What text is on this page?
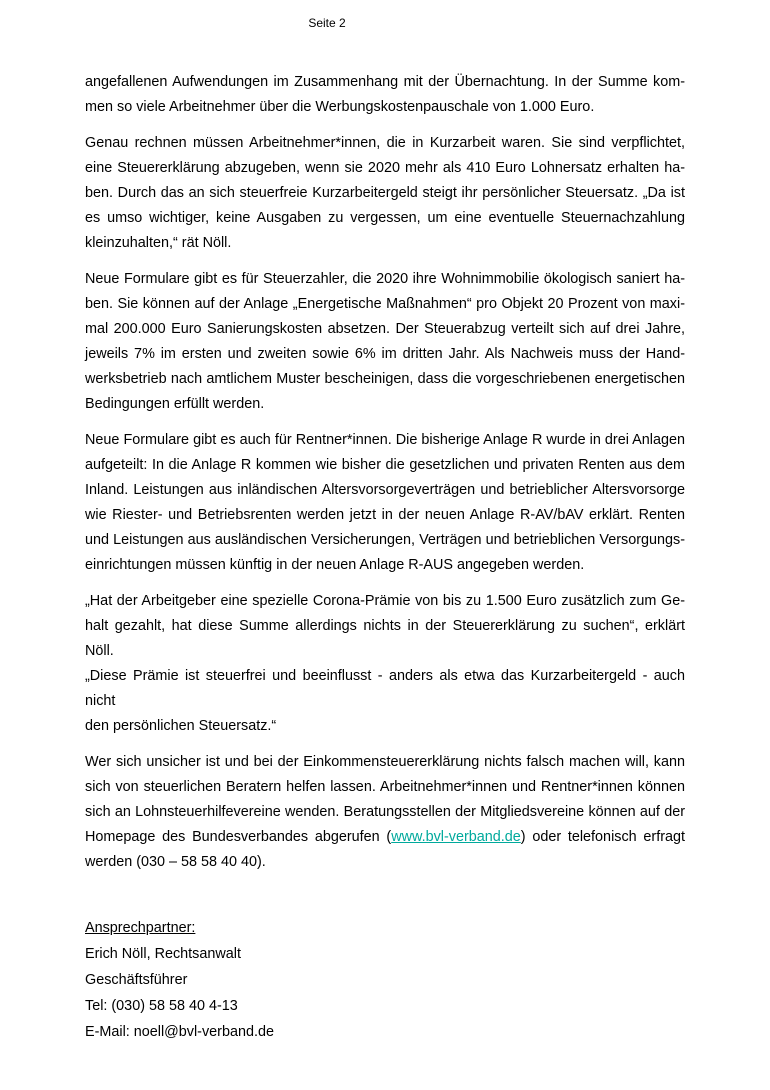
Seite 2
angefallenen Aufwendungen im Zusammenhang mit der Übernachtung. In der Summe kom-
men so viele Arbeitnehmer über die Werbungskostenpauschale von 1.000 Euro.
Genau rechnen müssen Arbeitnehmer*innen, die in Kurzarbeit waren. Sie sind verpflichtet,
eine Steuererklärung abzugeben, wenn sie 2020 mehr als 410 Euro Lohnersatz erhalten ha-
ben. Durch das an sich steuerfreie Kurzarbeitergeld steigt ihr persönlicher Steuersatz. „Da ist
es umso wichtiger, keine Ausgaben zu vergessen, um eine eventuelle Steuernachzahlung
kleinzuhalten,“ rät Nöll.
Neue Formulare gibt es für Steuerzahler, die 2020 ihre Wohnimmobilie ökologisch saniert ha-
ben. Sie können auf der Anlage „Energetische Maßnahmen“ pro Objekt 20 Prozent von maxi-
mal 200.000 Euro Sanierungskosten absetzen. Der Steuerabzug verteilt sich auf drei Jahre,
jeweils 7% im ersten und zweiten sowie 6% im dritten Jahr. Als Nachweis muss der Hand-
werksbetrieb nach amtlichem Muster bescheinigen, dass die vorgeschriebenen energetischen
Bedingungen erfüllt werden.
Neue Formulare gibt es auch für Rentner*innen. Die bisherige Anlage R wurde in drei Anlagen
aufgeteilt: In die Anlage R kommen wie bisher die gesetzlichen und privaten Renten aus dem
Inland. Leistungen aus inländischen Altersvorsorgeverträgen und betrieblicher Altersvorsorge
wie Riester- und Betriebsrenten werden jetzt in der neuen Anlage R-AV/bAV erklärt. Renten
und Leistungen aus ausländischen Versicherungen, Verträgen und betrieblichen Versorgungs-
einrichtungen müssen künftig in der neuen Anlage R-AUS angegeben werden.
„Hat der Arbeitgeber eine spezielle Corona-Prämie von bis zu 1.500 Euro zusätzlich zum Ge-
halt gezahlt, hat diese Summe allerdings nichts in der Steuererklärung zu suchen“, erklärt Nöll.
„Diese Prämie ist steuerfrei und beeinflusst - anders als etwa das Kurzarbeitergeld - auch nicht
den persönlichen Steuersatz.“
Wer sich unsicher ist und bei der Einkommensteuererklärung nichts falsch machen will, kann
sich von steuerlichen Beratern helfen lassen. Arbeitnehmer*innen und Rentner*innen können
sich an Lohnsteuerhilfevereine wenden. Beratungsstellen der Mitgliedsvereine können auf der
Homepage des Bundesverbandes abgerufen (www.bvl-verband.de) oder telefonisch erfragt
werden (030 – 58 58 40 40).
Ansprechpartner:
Erich Nöll, Rechtsanwalt
Geschäftsführer
Tel: (030) 58 58 40 4-13
E-Mail: noell@bvl-verband.de
